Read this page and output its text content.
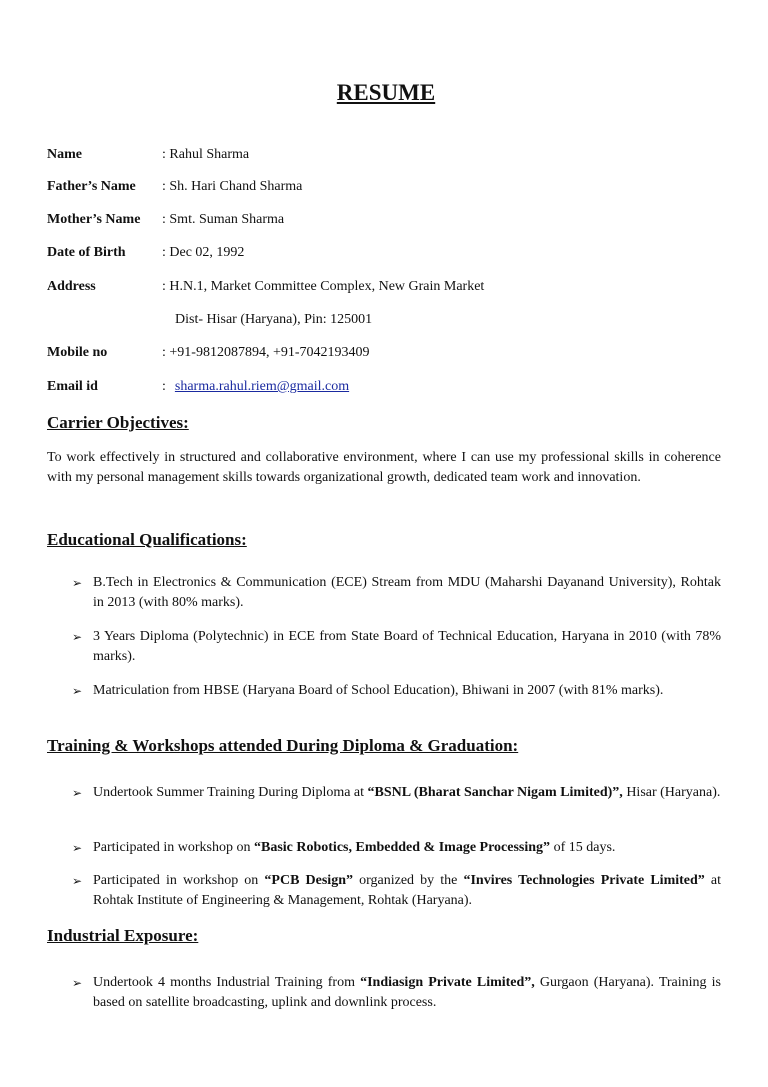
RESUME
Name	: Rahul Sharma
Father’s Name : Sh. Hari Chand Sharma
Mother’s Name : Smt. Suman Sharma
Date of Birth	: Dec 02, 1992
Address	: H.N.1, Market Committee Complex, New Grain Market
Dist- Hisar (Haryana), Pin: 125001
Mobile no	: +91-9812087894, +91-7042193409
Email id	: sharma.rahul.riem@gmail.com
Carrier Objectives:
To work effectively in structured and collaborative environment, where I can use my professional skills in coherence with my personal management skills towards organizational growth, dedicated team work and innovation.
Educational Qualifications:
➢ B.Tech in Electronics & Communication (ECE) Stream from MDU (Maharshi Dayanand University), Rohtak in 2013 (with 80% marks).
➢ 3 Years Diploma (Polytechnic) in ECE from State Board of Technical Education, Haryana in 2010 (with 78% marks).
➢ Matriculation from HBSE (Haryana Board of School Education), Bhiwani in 2007 (with 81% marks).
Training & Workshops attended During Diploma & Graduation:
➢ Undertook Summer Training During Diploma at “BSNL (Bharat Sanchar Nigam Limited)”, Hisar (Haryana).
➢ Participated in workshop on “Basic Robotics, Embedded & Image Processing” of 15 days.
➢ Participated in workshop on “PCB Design” organized by the “Invires Technologies Private Limited” at Rohtak Institute of Engineering & Management, Rohtak (Haryana).
Industrial Exposure:
➢ Undertook 4 months Industrial Training from “Indiasign Private Limited”, Gurgaon (Haryana). Training is based on satellite broadcasting, uplink and downlink process.
